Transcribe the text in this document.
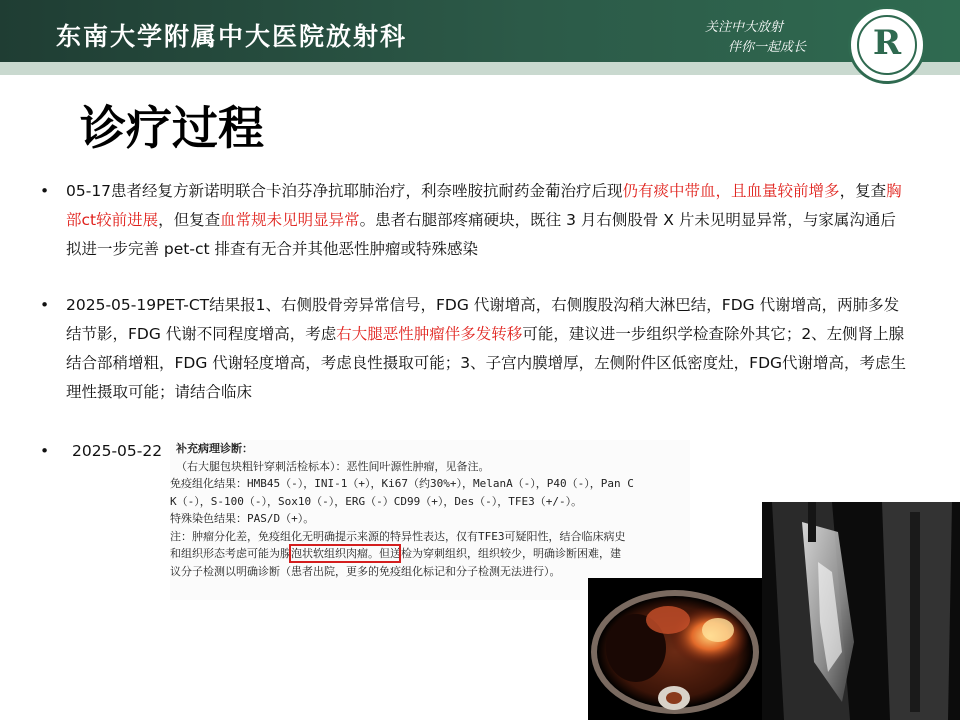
东南大学附属中大医院放射科	关注中大放射
伴你一起成长	R
诊疗过程
• 05-17患者经复方新诺明联合卡泊芬净抗耶肺治疗，利奈唑胺抗耐药金葡治疗后现仍有痰中带血，且血量较前增多，复查胸部ct较前进展，但复查血常规未见明显异常。患者右腿部疼痛硬块，既往 3 月右侧股骨 X 片未见明显异常，与家属沟通后拟进一步完善 pet-ct 排查有无合并其他恶性肿瘤或特殊感染
• 2025-05-19PET-CT结果报1、右侧股骨旁异常信号，FDG 代谢增高，右侧腹股沟稍大淋巴结，FDG 代谢增高，两肺多发结节影，FDG 代谢不同程度增高，考虑右大腿恶性肿瘤伴多发转移可能，建议进一步组织学检查除外其它；2、左侧肾上腺结合部稍增粗，FDG 代谢轻度增高，考虑良性摄取可能；3、子宫内膜增厚，左侧附件区低密度灶，FDG代谢增高，考虑生理性摄取可能；请结合临床
• 2025-05-22	补充病理诊断：
（右大腿包块粗针穿刺活检标本）：恶性间叶源性肿瘤，见备注。
免疫组化结果：HMB45（-），INI-1（+），Ki67（约30%+），MelanA（-），P40（-），Pan C
K（-），S-100（-），Sox10（-），ERG（-）CD99（+），Des（-），TFE3（+/-）。
特殊染色结果：PAS/D（+）。
注：肿瘤分化差，免疫组化无明确提示来源的特异性表达，仅有TFE3可疑阳性，结合临床病史
和组织形态考虑可能为腺泡状软组织肉瘤。但送检为穿刺组织，组织较少，明确诊断困难，建
议分子检测以明确诊断（患者出院，更多的免疫组化标记和分子检测无法进行）。
